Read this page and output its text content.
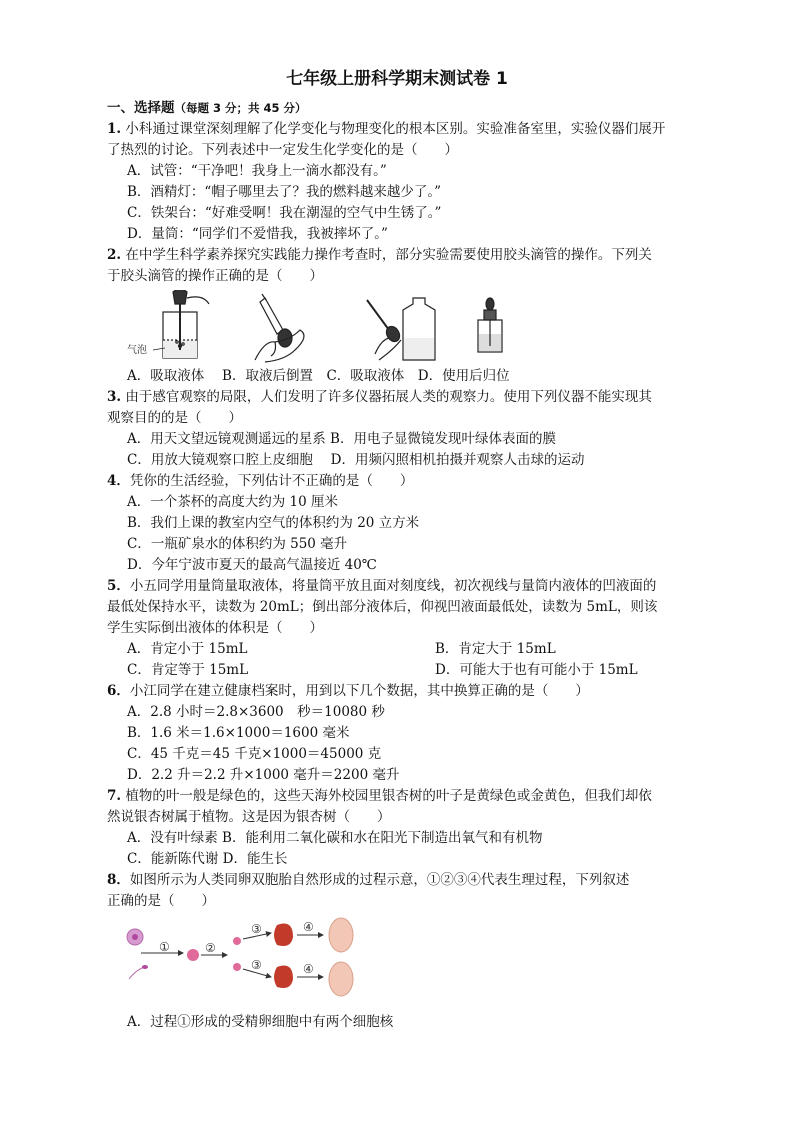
七年级上册科学期末测试卷 1
一、选择题（每题 3 分；共 45 分）
1. 小科通过课堂深刻理解了化学变化与物理变化的根本区别。实验准备室里，实验仪器们展开
了热烈的讨论。下列表述中一定发生化学变化的是（　　）
A．试管：“干净吧！我身上一滴水都没有。”
B．酒精灯：“帽子哪里去了？我的燃料越来越少了。”
C．铁架台：“好难受啊！我在潮湿的空气中生锈了。”
D．量筒：“同学们不爱惜我，我被摔坏了。”
2. 在中学生科学素养探究实践能力操作考查时，部分实验需要使用胶头滴管的操作。下列关
于胶头滴管的操作正确的是（　　）
气泡
A．吸取液体　 B．取液后倒置　C．吸取液体　D．使用后归位
3. 由于感官观察的局限，人们发明了许多仪器拓展人类的观察力。使用下列仪器不能实现其
观察目的的是（　　）
A．用天文望远镜观测遥远的星系 B．用电子显微镜发现叶绿体表面的膜
C．用放大镜观察口腔上皮细胞　 D．用频闪照相机拍摄并观察人击球的运动
4．凭你的生活经验，下列估计不正确的是（　　）
A．一个茶杯的高度大约为 10 厘米
B．我们上课的教室内空气的体积约为 20 立方米
C．一瓶矿泉水的体积约为 550 毫升
D．今年宁波市夏天的最高气温接近 40℃
5．小五同学用量筒量取液体，将量筒平放且面对刻度线，初次视线与量筒内液体的凹液面的
最低处保持水平，读数为 20mL；倒出部分液体后，仰视凹液面最低处，读数为 5mL，则该
学生实际倒出液体的体积是（　　）
A．肯定小于 15mL	B．肯定大于 15mL
C．肯定等于 15mL	D．可能大于也有可能小于 15mL
6．小江同学在建立健康档案时，用到以下几个数据，其中换算正确的是（　　）
A．2.8 小时＝2.8×3600　秒＝10080 秒
B．1.6 米＝1.6×1000＝1600 毫米
C．45 千克＝45 千克×1000＝45000 克
D．2.2 升＝2.2 升×1000 毫升＝2200 毫升
7. 植物的叶一般是绿色的，这些天海外校园里银杏树的叶子是黄绿色或金黄色，但我们却依
然说银杏树属于植物。这是因为银杏树（　　）
A．没有叶绿素 B．能利用二氧化碳和水在阳光下制造出氧气和有机物
C．能新陈代谢 D．能生长
8．如图所示为人类同卵双胞胎自然形成的过程示意，①②③④代表生理过程，下列叙述
正确的是（　　）
①	②
③
③
④
④
A．过程①形成的受精卵细胞中有两个细胞核
